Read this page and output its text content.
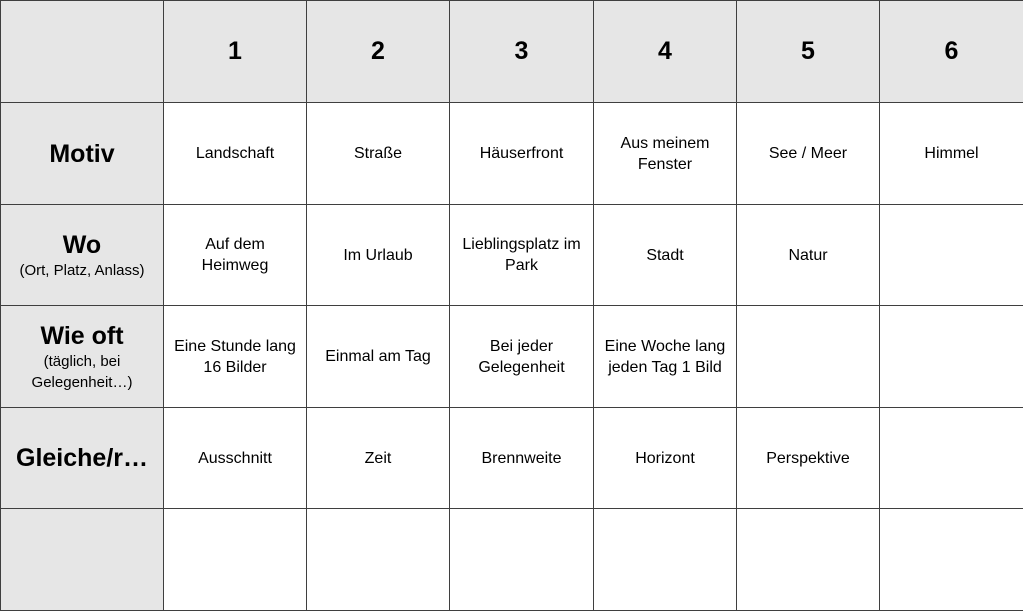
	1	2	3	4	5	6

Motiv	Landschaft	Straße	Häuserfront	Aus meinem Fenster	See / Meer	Himmel

Wo
(Ort, Platz, Anlass)	Auf dem Heimweg	Im Urlaub	Lieblingsplatz im Park	Stadt	Natur	

Wie oft
(täglich, bei Gelegenheit…)	Eine Stunde lang 16 Bilder	Einmal am Tag	Bei jeder Gelegenheit	Eine Woche lang jeden Tag 1 Bild		

Gleiche/r…	Ausschnitt	Zeit	Brennweite	Horizont	Perspektive	
